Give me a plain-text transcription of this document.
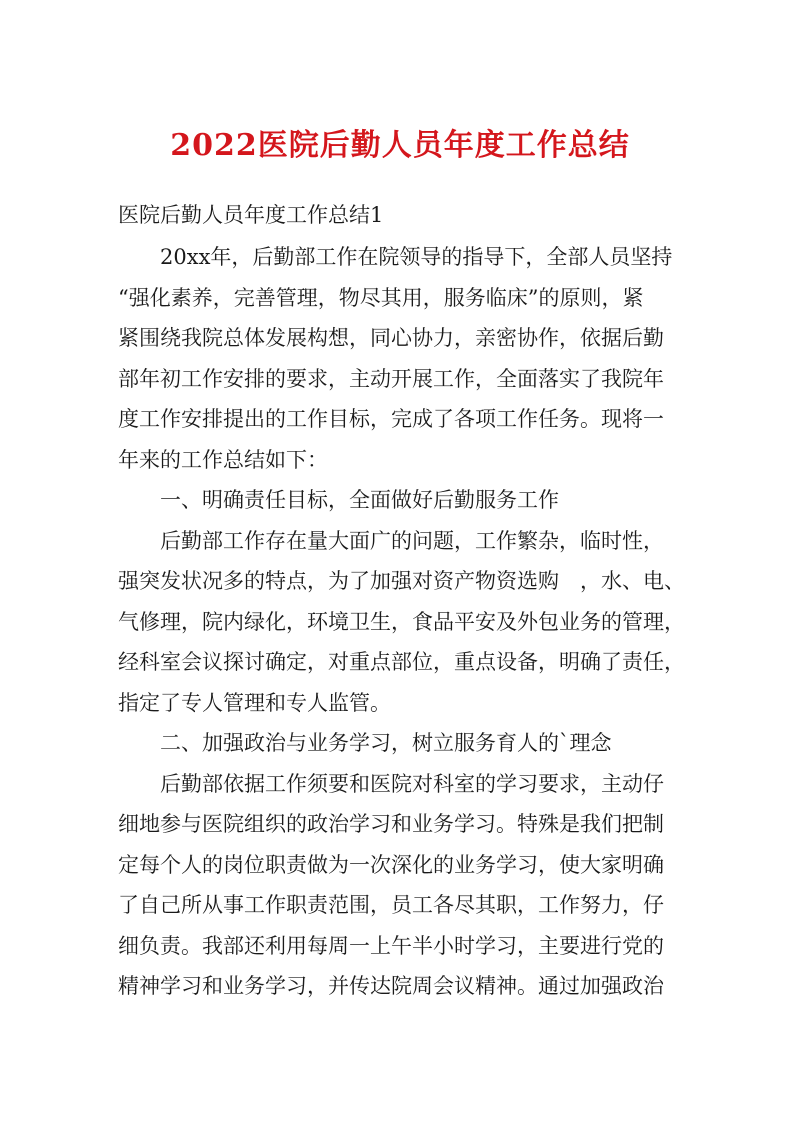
2022医院后勤人员年度工作总结
医院后勤人员年度工作总结1
20xx年，后勤部工作在院领导的指导下，全部人员坚持
“强化素养，完善管理，物尽其用，服务临床”的原则，紧
紧围绕我院总体发展构想，同心协力，亲密协作，依据后勤
部年初工作安排的要求，主动开展工作，全面落实了我院年
度工作安排提出的工作目标，完成了各项工作任务。现将一
年来的工作总结如下：
一、明确责任目标，全面做好后勤服务工作
后勤部工作存在量大面广的问题，工作繁杂，临时性，
强突发状况多的特点，为了加强对资产物资选购　，水、电、
气修理，院内绿化，环境卫生，食品平安及外包业务的管理，
经科室会议探讨确定，对重点部位，重点设备，明确了责任，
指定了专人管理和专人监管。
二、加强政治与业务学习，树立服务育人的`理念
后勤部依据工作须要和医院对科室的学习要求，主动仔
细地参与医院组织的政治学习和业务学习。特殊是我们把制
定每个人的岗位职责做为一次深化的业务学习，使大家明确
了自己所从事工作职责范围，员工各尽其职，工作努力，仔
细负责。我部还利用每周一上午半小时学习，主要进行党的
精神学习和业务学习，并传达院周会议精神。通过加强政治
